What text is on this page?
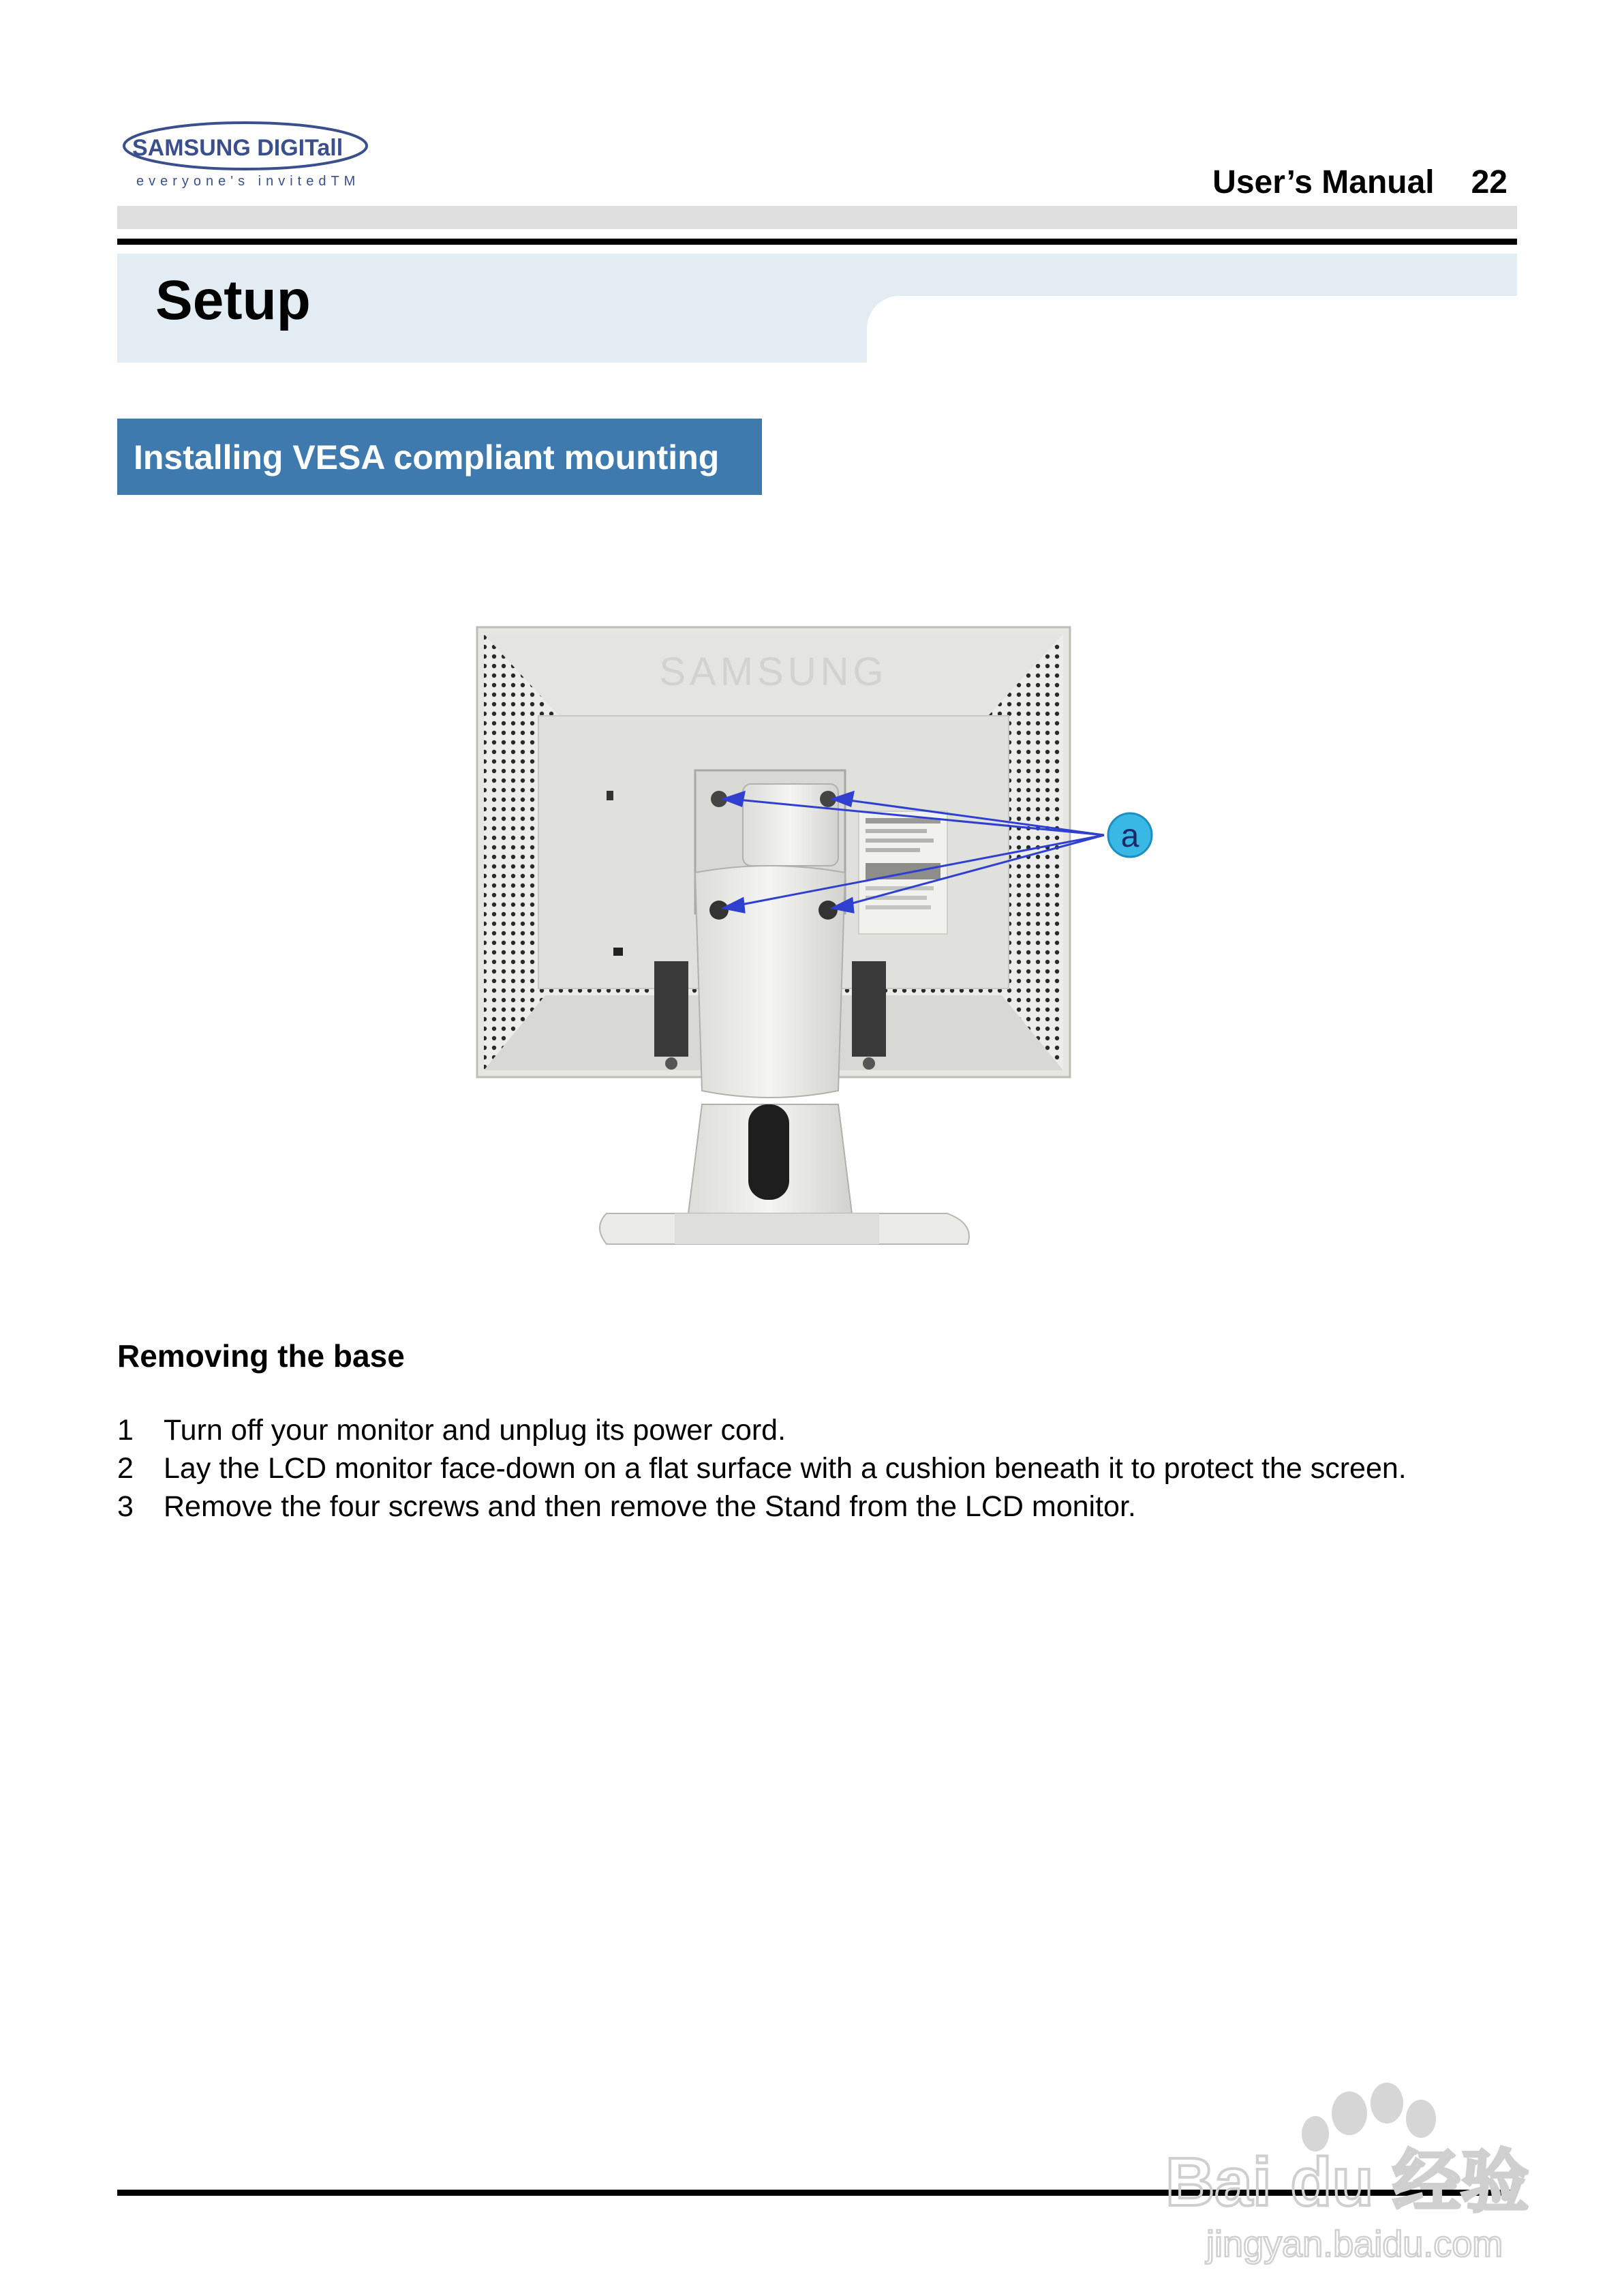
SAMSUNG DIGITall
everyone's invitedTM	User’s Manual 22
Setup
Installing VESA compliant mounting
SAMSUNG
a
Removing the base
1 Turn off your monitor and unplug its power cord.
2 Lay the LCD monitor face-down on a flat surface with a cushion beneath it to protect the screen.
3 Remove the four screws and then remove the Stand from the LCD monitor.
Bai du 经验
jingyan.baidu.com
